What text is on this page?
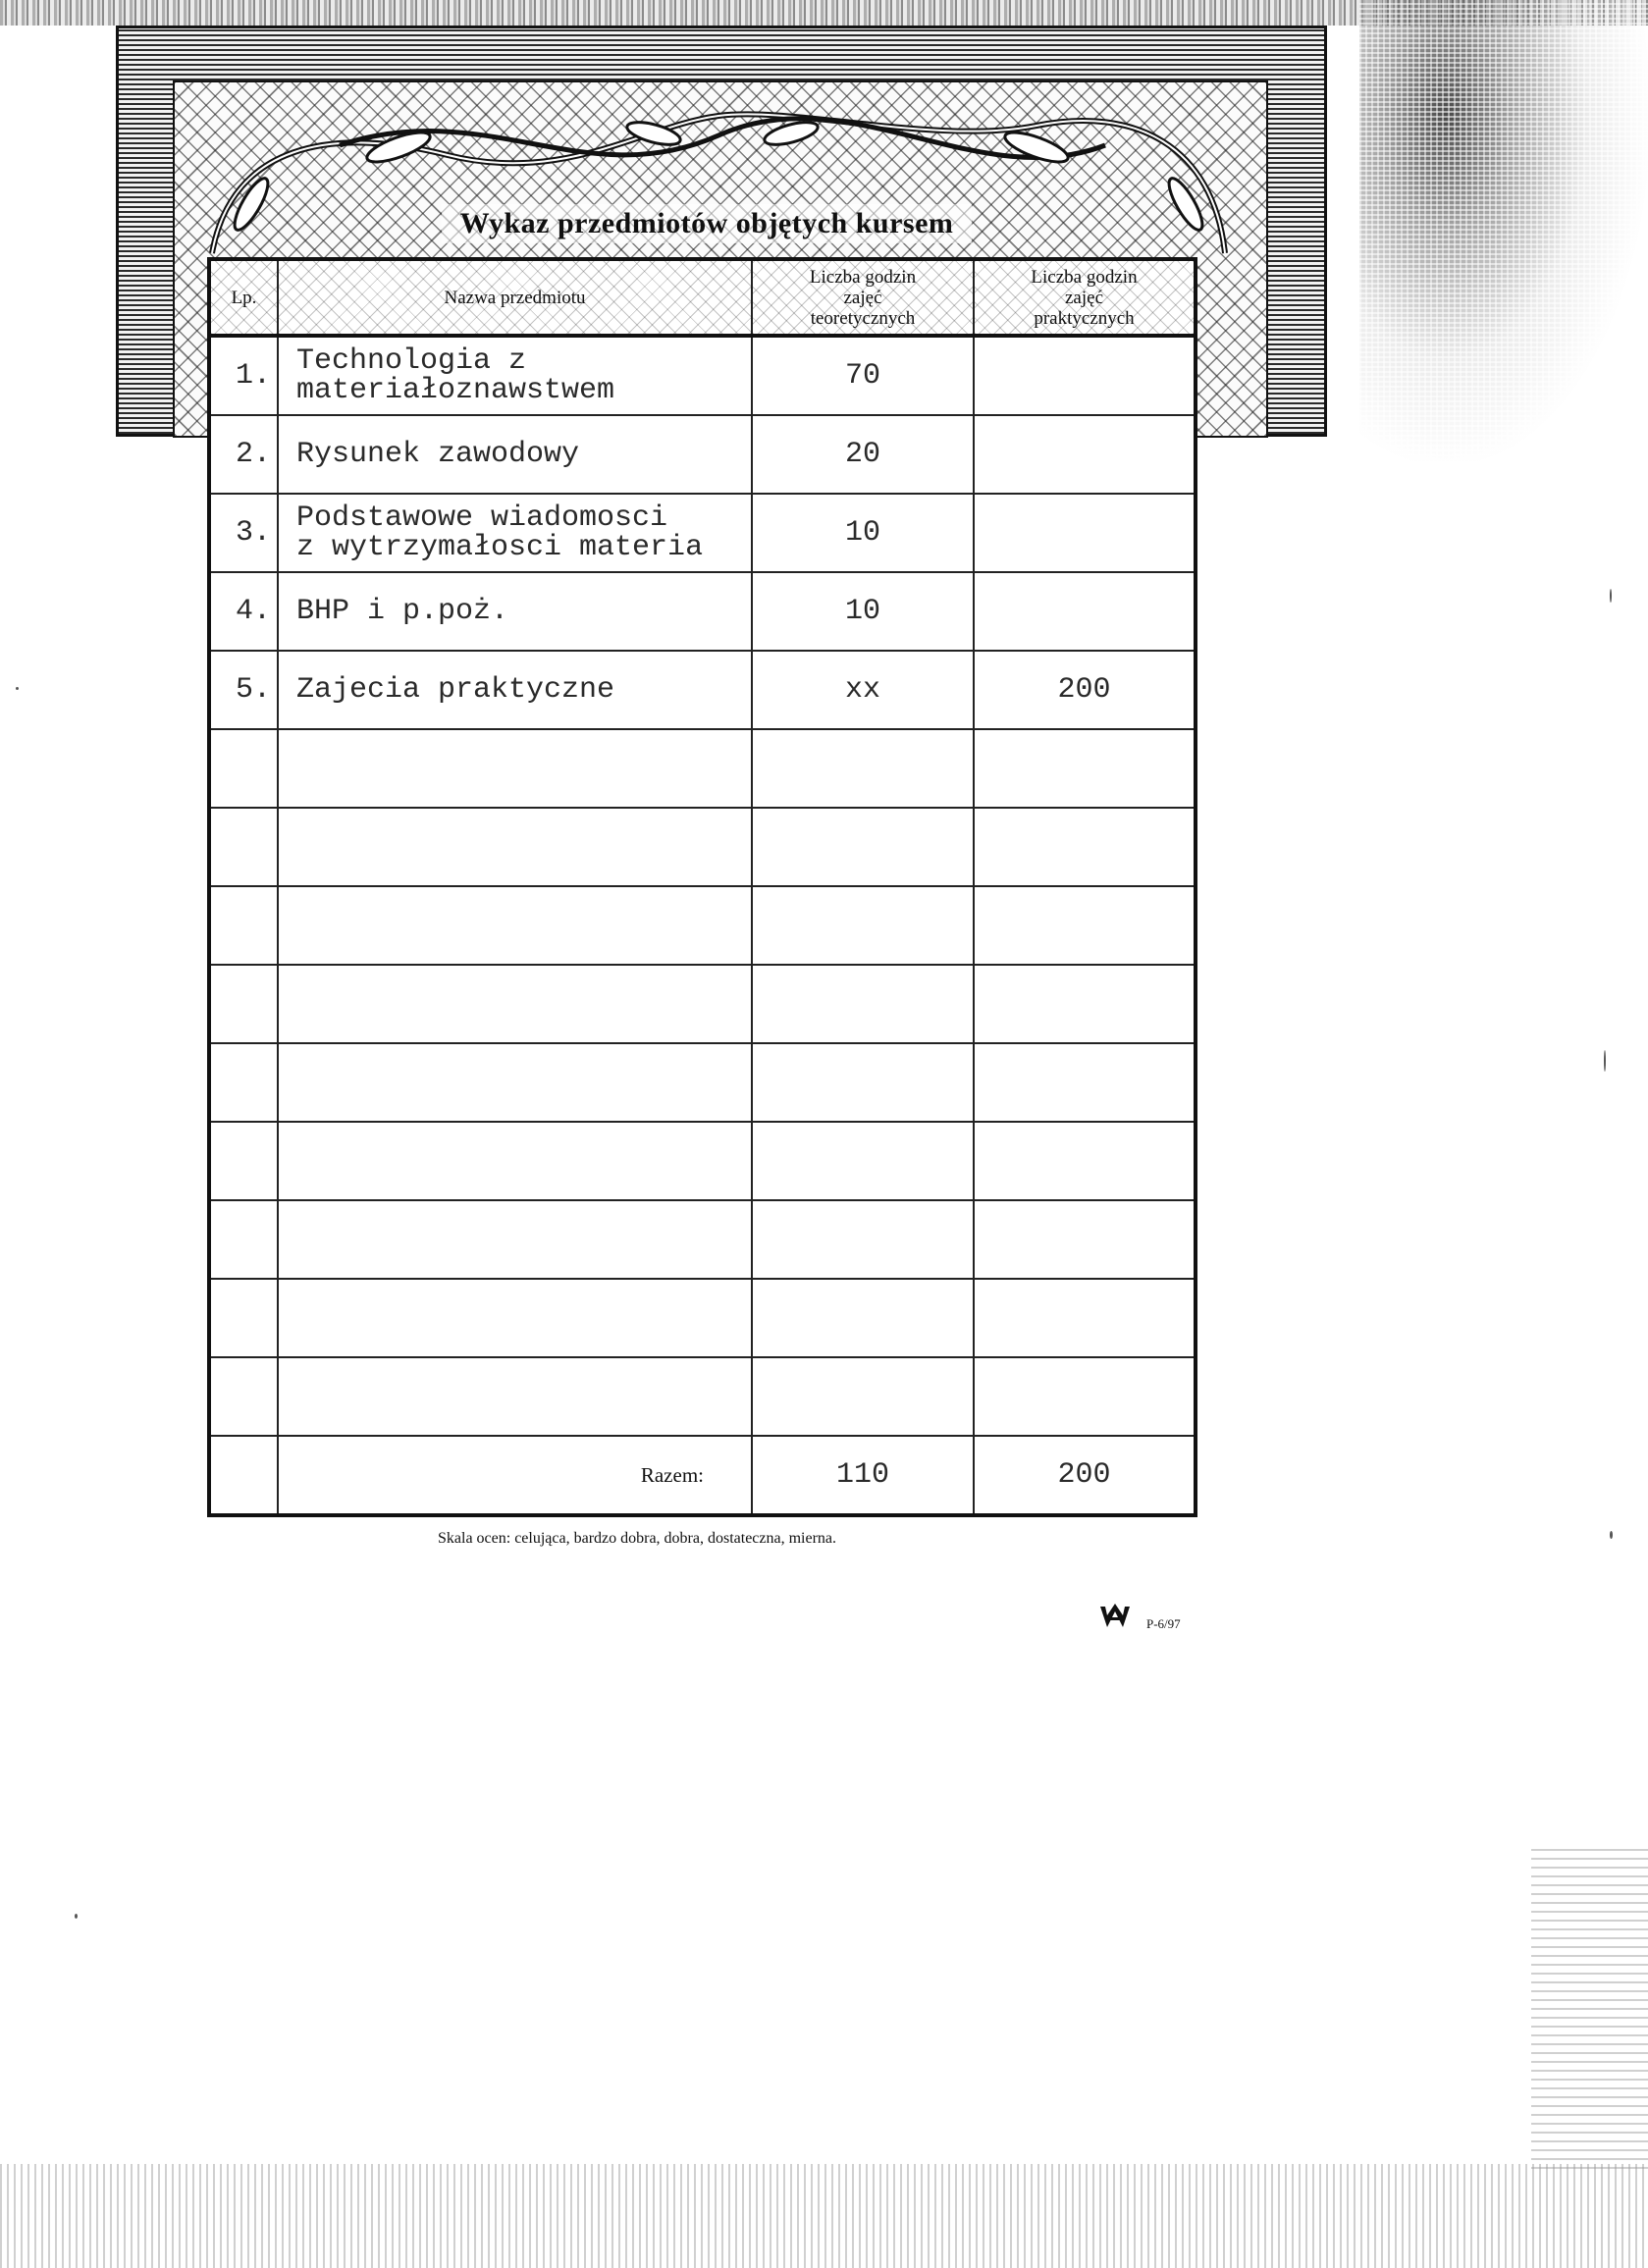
Wykaz przedmiotów objętych kursem
Lp.	Nazwa przedmiotu	Liczba godzin
zajęć
teoretycznych	Liczba godzin
zajęć
praktycznych

1.	Technologia z
materiałoznawstwem	70	
2.	Rysunek zawodowy	20	
3.	Podstawowe wiadomosci
z wytrzymałosci materia	10	
4.	BHP i p.poż.	10	
5.	Zajecia praktyczne	xx	200

	Razem:	110	200
Skala ocen: celująca, bardzo dobra, dobra, dostateczna, mierna.
P-6/97
